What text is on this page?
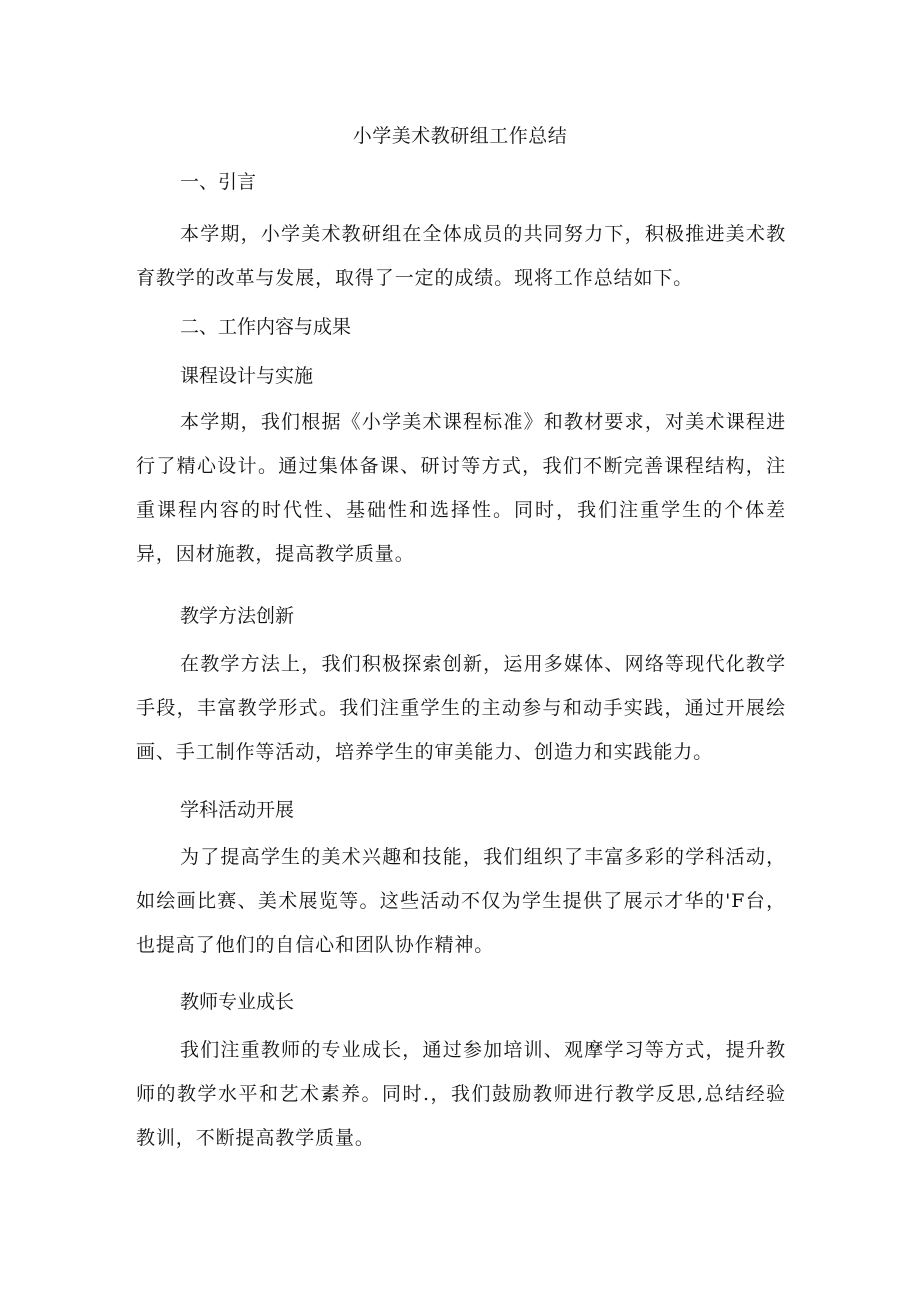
小学美术教研组工作总结
一、引言
本学期，小学美术教研组在全体成员的共同努力下，积极推进美术教育教学的改革与发展，取得了一定的成绩。现将工作总结如下。
二、工作内容与成果
课程设计与实施
本学期，我们根据《小学美术课程标准》和教材要求，对美术课程进行了精心设计。通过集体备课、研讨等方式，我们不断完善课程结构，注重课程内容的时代性、基础性和选择性。同时，我们注重学生的个体差异，因材施教，提高教学质量。
教学方法创新
在教学方法上，我们积极探索创新，运用多媒体、网络等现代化教学手段，丰富教学形式。我们注重学生的主动参与和动手实践，通过开展绘画、手工制作等活动，培养学生的审美能力、创造力和实践能力。
学科活动开展
为了提高学生的美术兴趣和技能，我们组织了丰富多彩的学科活动，如绘画比赛、美术展览等。这些活动不仅为学生提供了展示才华的'F台，也提高了他们的自信心和团队协作精神。
教师专业成长
我们注重教师的专业成长，通过参加培训、观摩学习等方式，提升教师的教学水平和艺术素养。同时.，我们鼓励教师进行教学反思,总结经验教训，不断提高教学质量。
